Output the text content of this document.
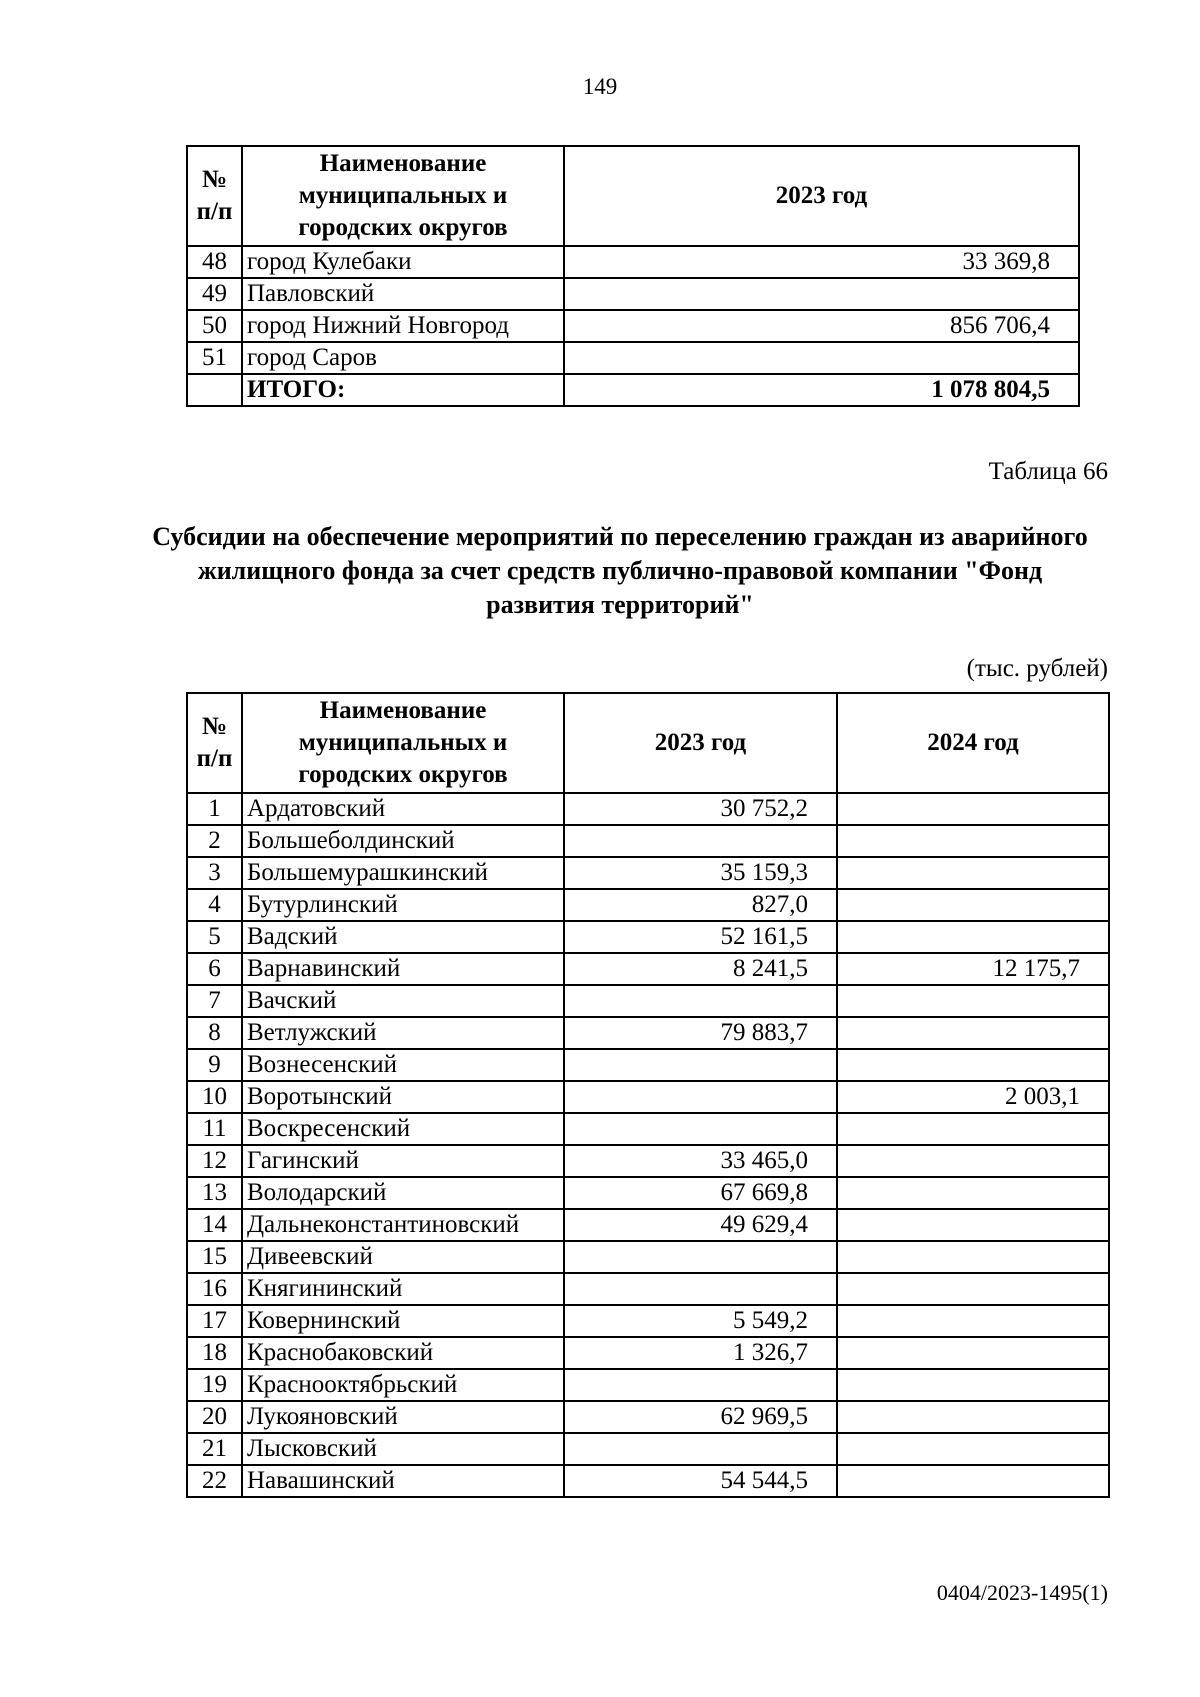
149
№ п/п	Наименование муниципальных и городских округов	2023 год
48	город Кулебаки	33 369,8
49	Павловский	
50	город Нижний Новгород	856 706,4
51	город Саров	
	ИТОГО:	1 078 804,5
Таблица 66
Субсидии на обеспечение мероприятий по переселению граждан из аварийного жилищного фонда за счет средств публично-правовой компании "Фонд развития территорий"
(тыс. рублей)
№ п/п	Наименование муниципальных и городских округов	2023 год	2024 год
1	Ардатовский	30 752,2	
2	Большеболдинский		
3	Большемурашкинский	35 159,3	
4	Бутурлинский	827,0	
5	Вадский	52 161,5	
6	Варнавинский	8 241,5	12 175,7
7	Вачский		
8	Ветлужский	79 883,7	
9	Вознесенский		
10	Воротынский		2 003,1
11	Воскресенский		
12	Гагинский	33 465,0	
13	Володарский	67 669,8	
14	Дальнеконстантиновский	49 629,4	
15	Дивеевский		
16	Княгининский		
17	Ковернинский	5 549,2	
18	Краснобаковский	1 326,7	
19	Краснооктябрьский		
20	Лукояновский	62 969,5	
21	Лысковский		
22	Навашинский	54 544,5	
0404/2023-1495(1)
